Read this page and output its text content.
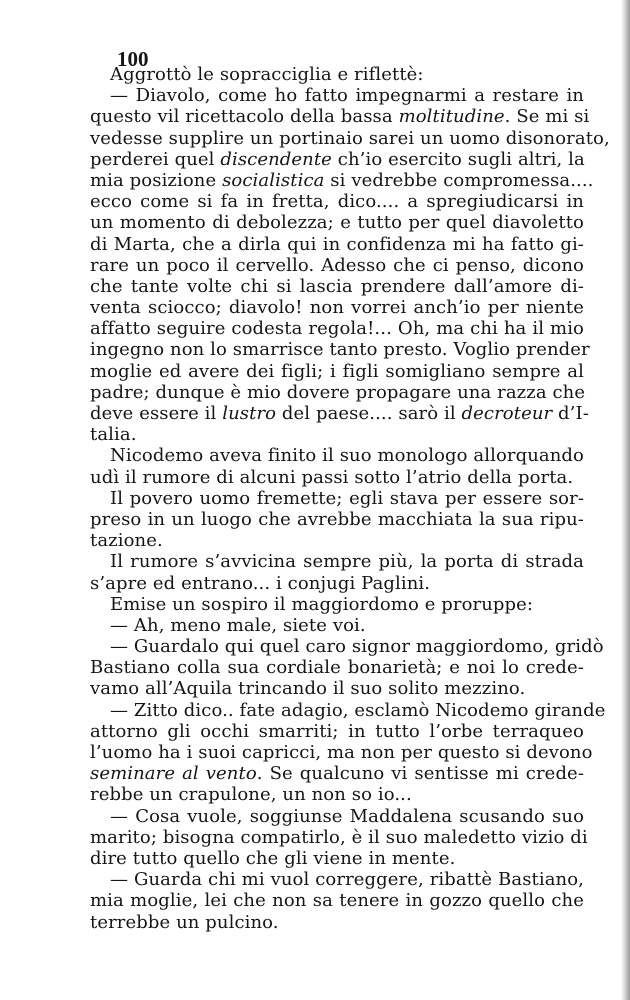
100
Aggrottò le sopracciglia e riflettè:
— Diavolo, come ho fatto impegnarmi a restare in
questo vil ricettacolo della bassa moltitudine. Se mi si
vedesse supplire un portinaio sarei un uomo disonorato,
perderei quel discendente ch’io esercito sugli altri, la
mia posizione socialistica si vedrebbe compromessa....
ecco come si fa in fretta, dico.... a spregiudicarsi in
un momento di debolezza; e tutto per quel diavoletto
di Marta, che a dirla qui in confidenza mi ha fatto gi-
rare un poco il cervello. Adesso che ci penso, dicono
che tante volte chi si lascia prendere dall’amore di-
venta sciocco; diavolo! non vorrei anch’io per niente
affatto seguire codesta regola!... Oh, ma chi ha il mio
ingegno non lo smarrisce tanto presto. Voglio prender
moglie ed avere dei figli; i figli somigliano sempre al
padre; dunque è mio dovere propagare una razza che
deve essere il lustro del paese.... sarò il decroteur d’I-
talia.
Nicodemo aveva finito il suo monologo allorquando
udì il rumore di alcuni passi sotto l’atrio della porta.
Il povero uomo fremette; egli stava per essere sor-
preso in un luogo che avrebbe macchiata la sua ripu-
tazione.
Il rumore s’avvicina sempre più, la porta di strada
s’apre ed entrano... i conjugi Paglini.
Emise un sospiro il maggiordomo e proruppe:
— Ah, meno male, siete voi.
— Guardalo qui quel caro signor maggiordomo, gridò
Bastiano colla sua cordiale bonarietà; e noi lo crede-
vamo all’Aquila trincando il suo solito mezzino.
— Zitto dico.. fate adagio, esclamò Nicodemo girande
attorno gli occhi smarriti; in tutto l’orbe terraqueo
l’uomo ha i suoi capricci, ma non per questo si devono
seminare al vento. Se qualcuno vi sentisse mi crede-
rebbe un crapulone, un non so io...
— Cosa vuole, soggiunse Maddalena scusando suo
marito; bisogna compatirlo, è il suo maledetto vizio di
dire tutto quello che gli viene in mente.
— Guarda chi mi vuol correggere, ribattè Bastiano,
mia moglie, lei che non sa tenere in gozzo quello che
terrebbe un pulcino.
